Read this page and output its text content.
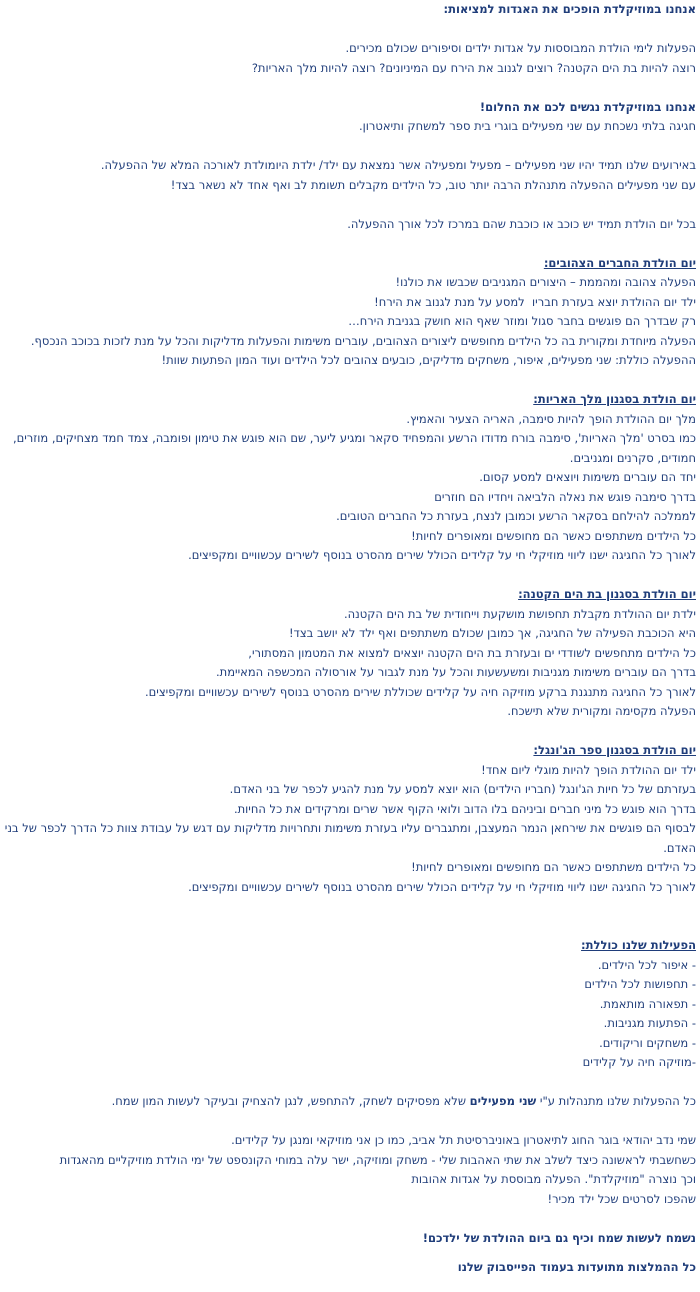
אנחנו במוזיקלדת הופכים את האגדות למציאות:
הפעלות לימי הולדת המבוססות על אגדות ילדים וסיפורים שכולם מכירים.
רוצה להיות בת הים הקטנה? רוצים לגנוב את הירח עם המיניונים? רוצה להיות מלך האריות?
אנחנו במוזיקלדת נגשים לכם את החלום!
חגיגה בלתי נשכחת עם שני מפעילים בוגרי בית ספר למשחק ותיאטרון.
באירועים שלנו תמיד יהיו שני מפעילים – מפעיל ומפעילה אשר נמצאת עם ילד/ ילדת היומולדת לאורכה המלא של ההפעלה.
עם שני מפעילים ההפעלה מתנהלת הרבה יותר טוב, כל הילדים מקבלים תשומת לב ואף אחד לא נשאר בצד!
בכל יום הולדת תמיד יש כוכב או כוכבת שהם במרכז לכל אורך ההפעלה.
יום הולדת החברים הצהובים:
הפעלה צהובה ומהממת – היצורים המגניבים שכבשו את כולנו!
ילד יום ההולדת יוצא בעזרת חבריו  למסע על מנת לגנוב את הירח!
רק שבדרך הם פוגשים בחבר סגול ומוזר שאף הוא חושק בגניבת הירח…
הפעלה מיוחדת ומקורית בה כל הילדים מחופשים ליצורים הצהובים, עוברים משימות והפעלות מדליקות והכל על מנת לזכות בכוכב הנכסף.
ההפעלה כוללת: שני מפעילים, איפור, משחקים מדליקים, כובעים צהובים לכל הילדים ועוד המון הפתעות שוות!
יום הולדת בסגנון מלך האריות:
מלך יום ההולדת הופך להיות סימבה, האריה הצעיר והאמיץ.
כמו בסרט 'מלך האריות', סימבה בורח מדודו הרשע והמפחיד סקאר ומגיע ליער, שם הוא פוגש את טימון ופומבה, צמד חמד מצחיקים, מוזרים, חמודים, סקרנים ומגניבים.
יחד הם עוברים משימות ויוצאים למסע קסום.
בדרך סימבה פוגש את נאלה הלביאה ויחדיו הם חוזרים
לממלכה להילחם בסקאר הרשע וכמובן לנצח, בעזרת כל החברים הטובים.
כל הילדים משתתפים כאשר הם מחופשים ומאופרים לחיות!
לאורך כל החגיגה ישנו ליווי מוזיקלי חי על קלידים הכולל שירים מהסרט בנוסף לשירים עכשוויים ומקפיצים.
יום הולדת בסגנון בת הים הקטנה:
ילדת יום ההולדת מקבלת תחפושת מושקעת וייחודית של בת הים הקטנה.
היא הכוכבת הפעילה של החגיגה, אך כמובן שכולם משתתפים ואף ילד לא יושב בצד!
כל הילדים מתחפשים לשודדי ים ובעזרת בת הים הקטנה יוצאים למצוא את המטמון המסתורי,
בדרך הם עוברים משימות מגניבות ומשעשעות והכל על מנת לגבור על אורסולה המכשפה המאיימת.
לאורך כל החגיגה מתנגנת ברקע מוזיקה חיה על קלידים שכוללת שירים מהסרט בנוסף לשירים עכשוויים ומקפיצים.
הפעלה מקסימה ומקורית שלא תישכח.
יום הולדת בסגנון ספר הג'ונגל:
ילד יום ההולדת הופך להיות מוגלי ליום אחד!
בעזרתם של כל חיות הג'ונגל (חבריו הילדים) הוא יוצא למסע על מנת להגיע לכפר של בני האדם.
בדרך הוא פוגש כל מיני חברים וביניהם בלו הדוב ולואי הקוף אשר שרים ומרקידים את כל החיות.
לבסוף הם פוגשים את שירחאן הנמר המעצבן, ומתגברים עליו בעזרת משימות ותחרויות מדליקות עם דגש על עבודת צוות כל הדרך לכפר של בני האדם.
כל הילדים משתתפים כאשר הם מחופשים ומאופרים לחיות!
לאורך כל החגיגה ישנו ליווי מוזיקלי חי על קלידים הכולל שירים מהסרט בנוסף לשירים עכשוויים ומקפיצים.
הפעילות שלנו כוללת:
- איפור לכל הילדים.
- תחפושות לכל הילדים
- תפאורה מותאמת.
- הפתעות מגניבות.
- משחקים וריקודים.
-מוזיקה חיה על קלידים
כל ההפעלות שלנו מתנהלות ע"י שני מפעילים שלא מפסיקים לשחק, להתחפש, לנגן להצחיק ובעיקר לעשות המון שמח.
שמי נדב יהודאי בוגר החוג לתיאטרון באוניברסיטת תל אביב, כמו כן אני מוזיקאי ומנגן על קלידים.
כשחשבתי לראשונה כיצד לשלב את שתי האהבות שלי - משחק ומוזיקה, ישר עלה במוחי הקונספט של ימי הולדת מוזיקליים מהאגדות
וכך נוצרה "מוזיקלדת". הפעלה מבוססת על אגדות אהובות
שהפכו לסרטים שכל ילד מכיר!
נשמח לעשות שמח וכיף גם ביום ההולדת של ילדכם!
כל ההמלצות מתועדות בעמוד הפייסבוק שלנו
